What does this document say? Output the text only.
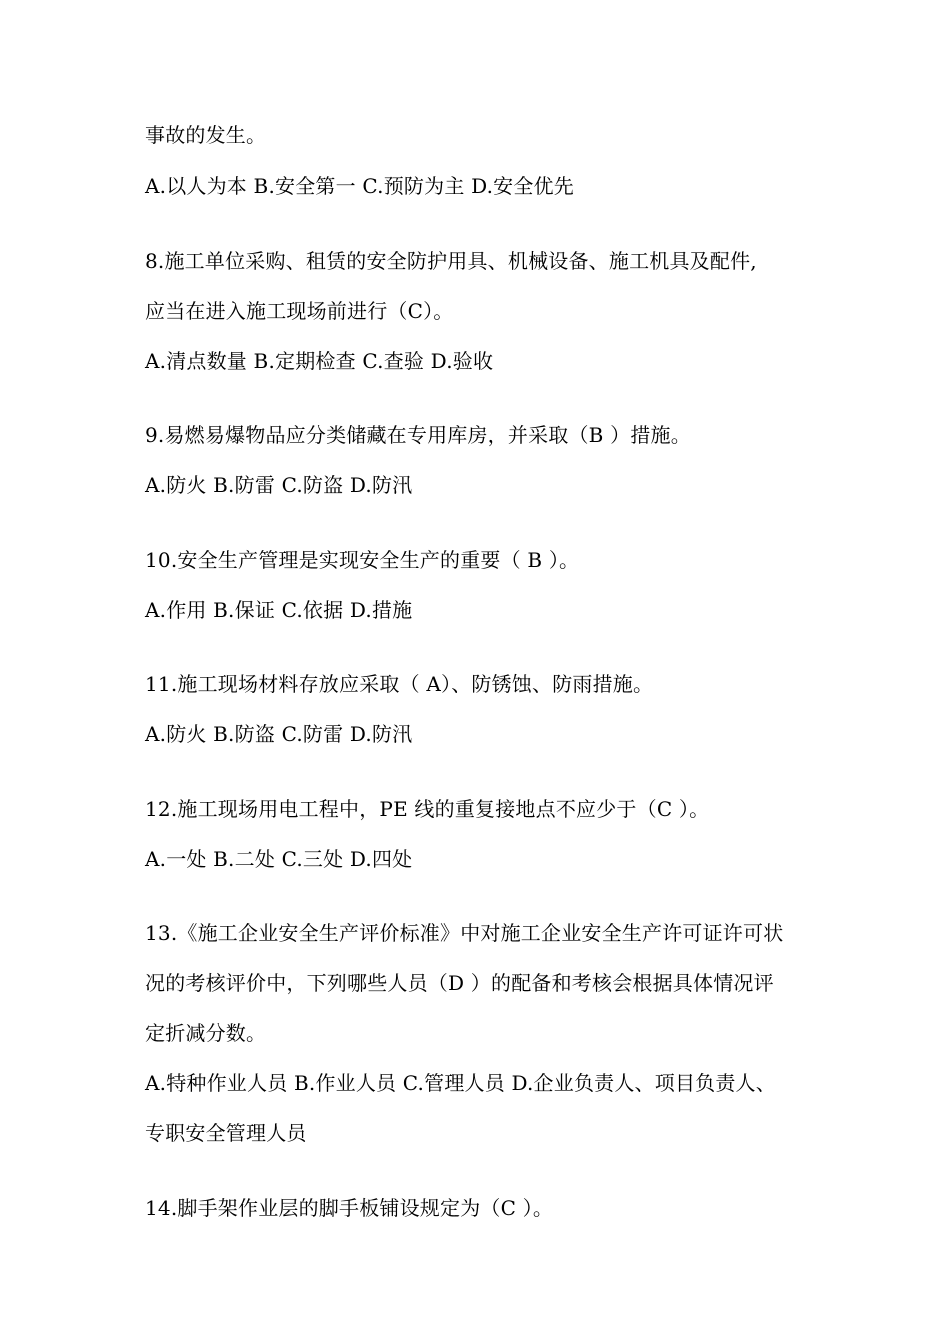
事故的发生。
A.以人为本 B.安全第一 C.预防为主 D.安全优先
8.施工单位采购、租赁的安全防护用具、机械设备、施工机具及配件,
应当在进入施工现场前进行（C）。
A.清点数量 B.定期检查 C.查验 D.验收
9.易燃易爆物品应分类储藏在专用库房，并采取（B ）措施。
A.防火 B.防雷 C.防盗 D.防汛
10.安全生产管理是实现安全生产的重要（ B ）。
A.作用 B.保证 C.依据 D.措施
11.施工现场材料存放应采取（ A）、防锈蚀、防雨措施。
A.防火 B.防盗 C.防雷 D.防汛
12.施工现场用电工程中，PE 线的重复接地点不应少于（C ）。
A.一处 B.二处 C.三处 D.四处
13.《施工企业安全生产评价标准》中对施工企业安全生产许可证许可状
况的考核评价中，下列哪些人员（D ）的配备和考核会根据具体情况评
定折减分数。
A.特种作业人员 B.作业人员 C.管理人员 D.企业负责人、项目负责人、
专职安全管理人员
14.脚手架作业层的脚手板铺设规定为（C ）。
